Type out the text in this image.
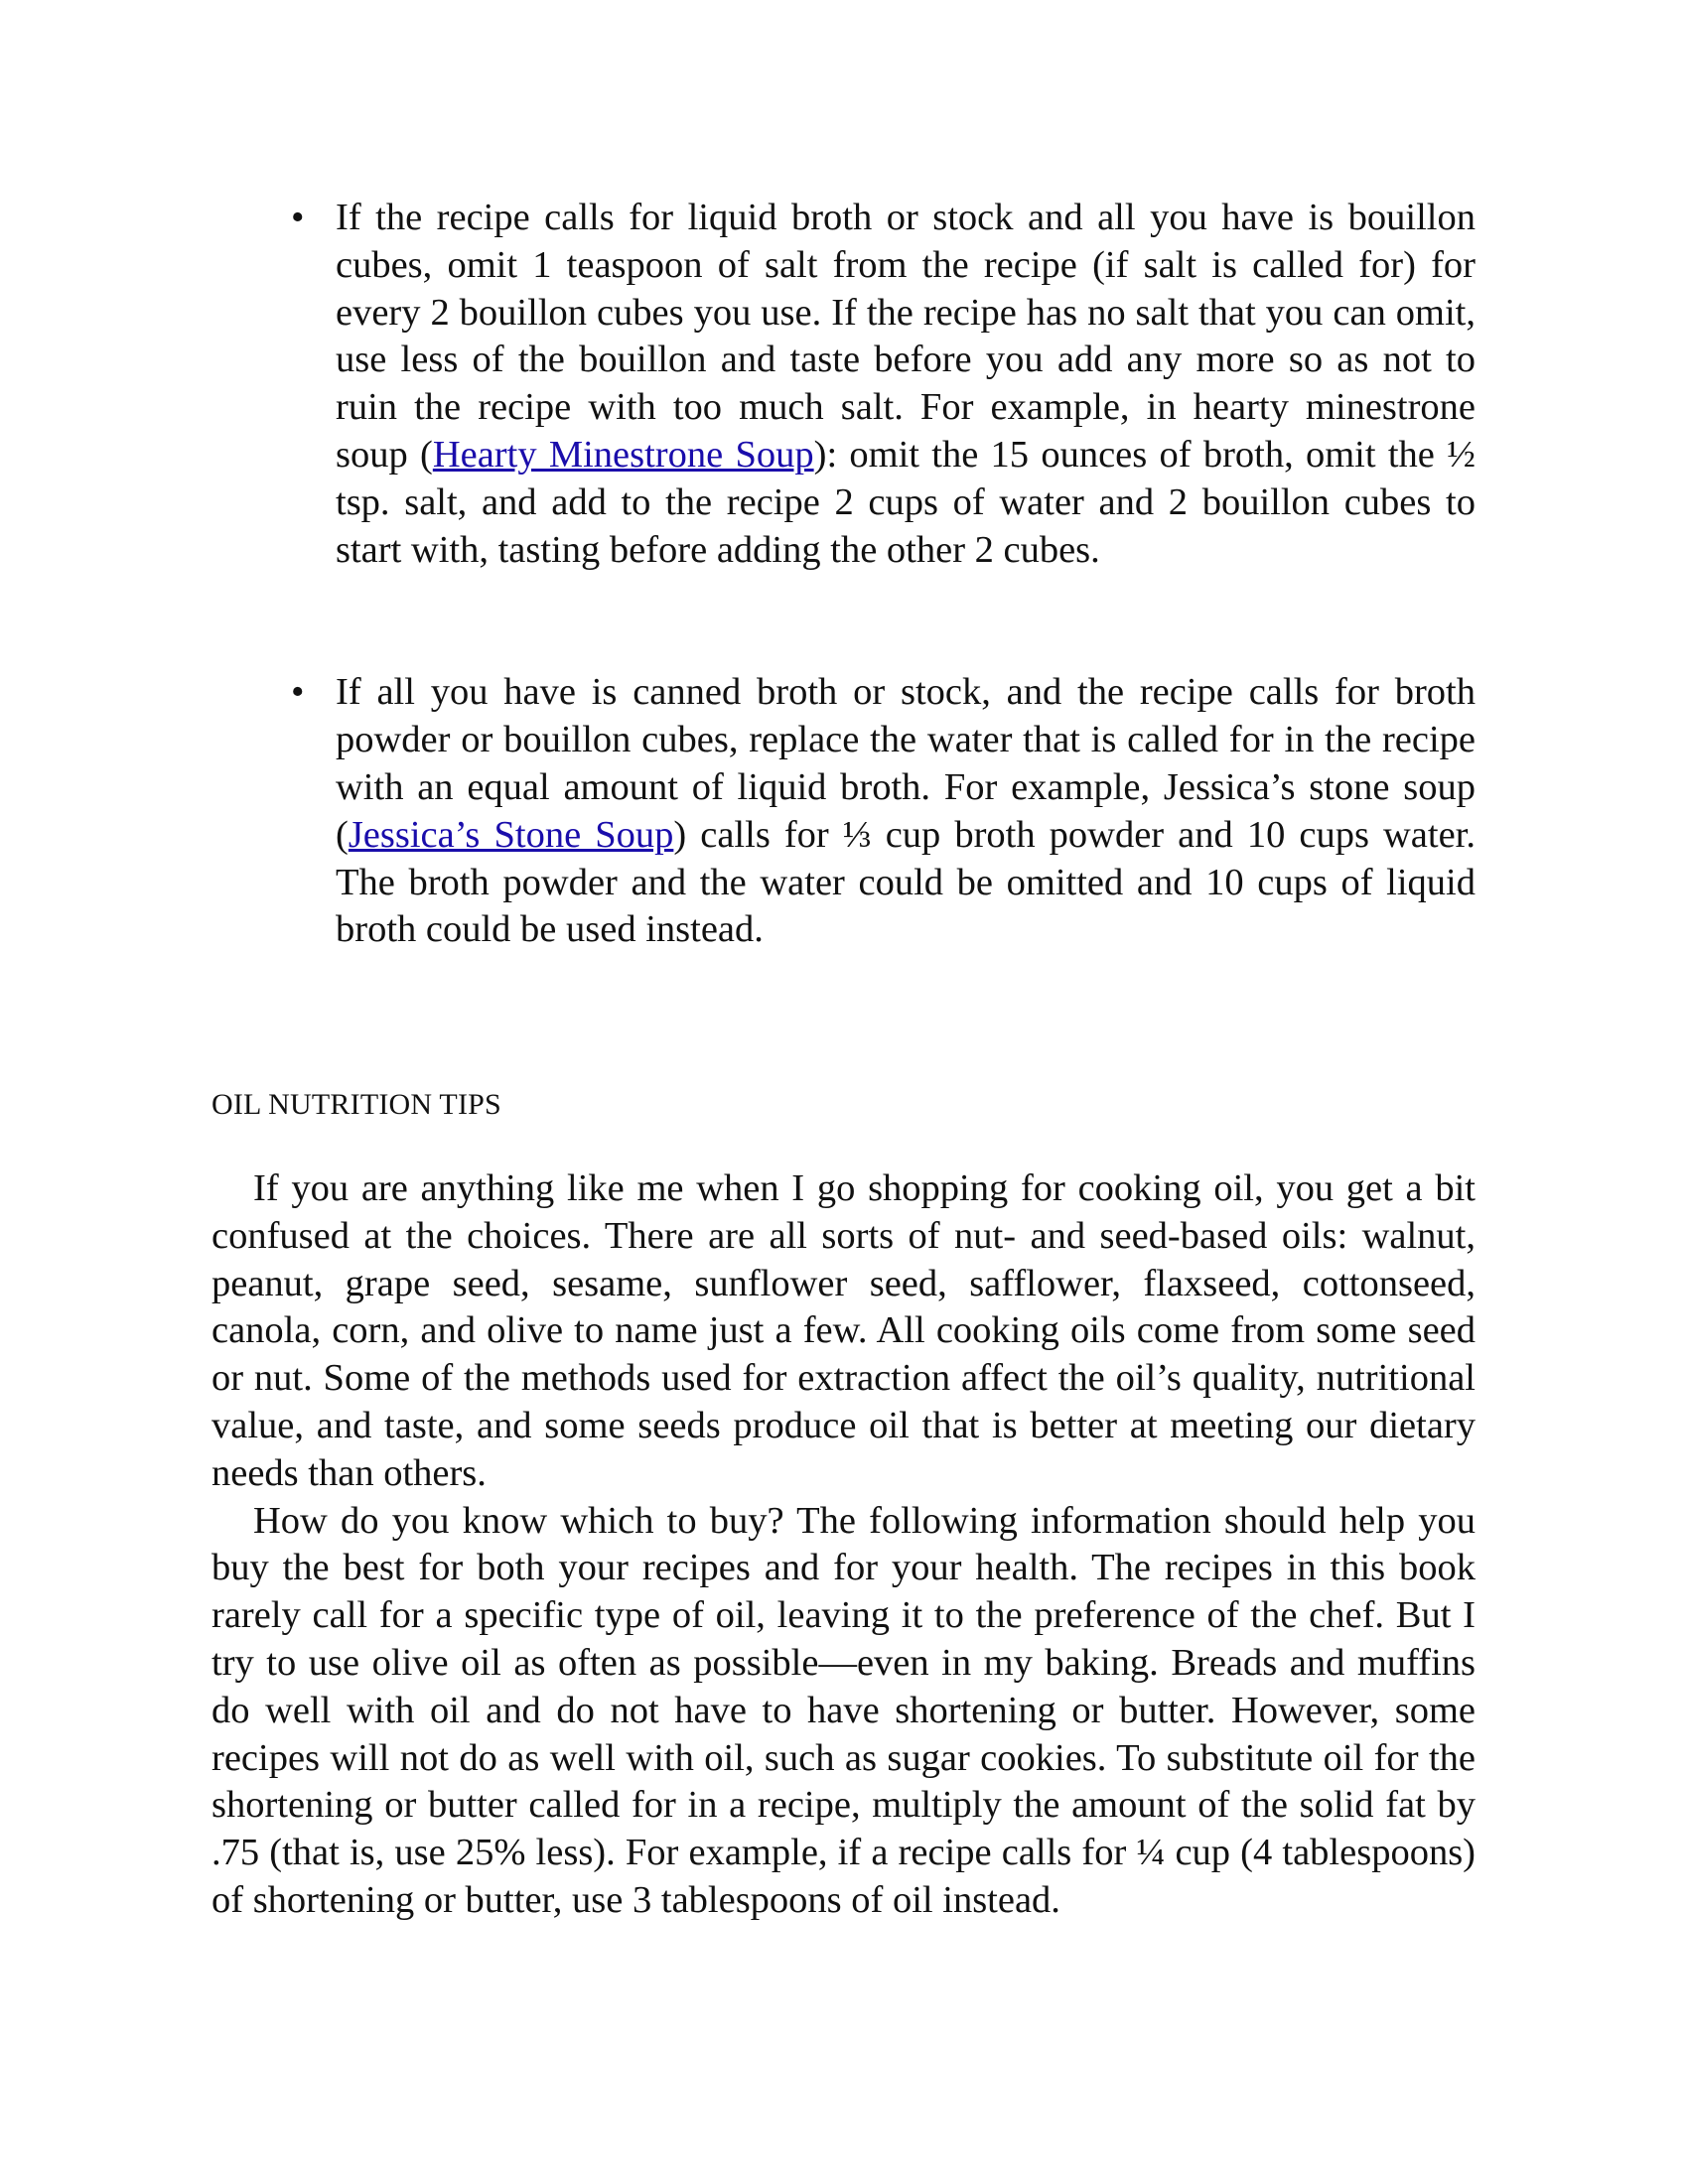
• If the recipe calls for liquid broth or stock and all you have is bouillon cubes, omit 1 teaspoon of salt from the recipe (if salt is called for) for every 2 bouillon cubes you use. If the recipe has no salt that you can omit, use less of the bouillon and taste before you add any more so as not to ruin the recipe with too much salt. For example, in hearty minestrone soup (Hearty Minestrone Soup): omit the 15 ounces of broth, omit the ½ tsp. salt, and add to the recipe 2 cups of water and 2 bouillon cubes to start with, tasting before adding the other 2 cubes.
• If all you have is canned broth or stock, and the recipe calls for broth powder or bouillon cubes, replace the water that is called for in the recipe with an equal amount of liquid broth. For example, Jessica’s stone soup (Jessica’s Stone Soup) calls for ⅓ cup broth powder and 10 cups water. The broth powder and the water could be omitted and 10 cups of liquid broth could be used instead.
OIL NUTRITION TIPS

If you are anything like me when I go shopping for cooking oil, you get a bit confused at the choices. There are all sorts of nut- and seed-based oils: walnut, peanut, grape seed, sesame, sunflower seed, safflower, flaxseed, cottonseed, canola, corn, and olive to name just a few. All cooking oils come from some seed or nut. Some of the methods used for extraction affect the oil’s quality, nutritional value, and taste, and some seeds produce oil that is better at meeting our dietary needs than others.

How do you know which to buy? The following information should help you buy the best for both your recipes and for your health. The recipes in this book rarely call for a specific type of oil, leaving it to the preference of the chef. But I try to use olive oil as often as possible—even in my baking. Breads and muffins do well with oil and do not have to have shortening or butter. However, some recipes will not do as well with oil, such as sugar cookies. To substitute oil for the shortening or butter called for in a recipe, multiply the amount of the solid fat by .75 (that is, use 25% less). For example, if a recipe calls for ¼ cup (4 tablespoons) of shortening or butter, use 3 tablespoons of oil instead.
